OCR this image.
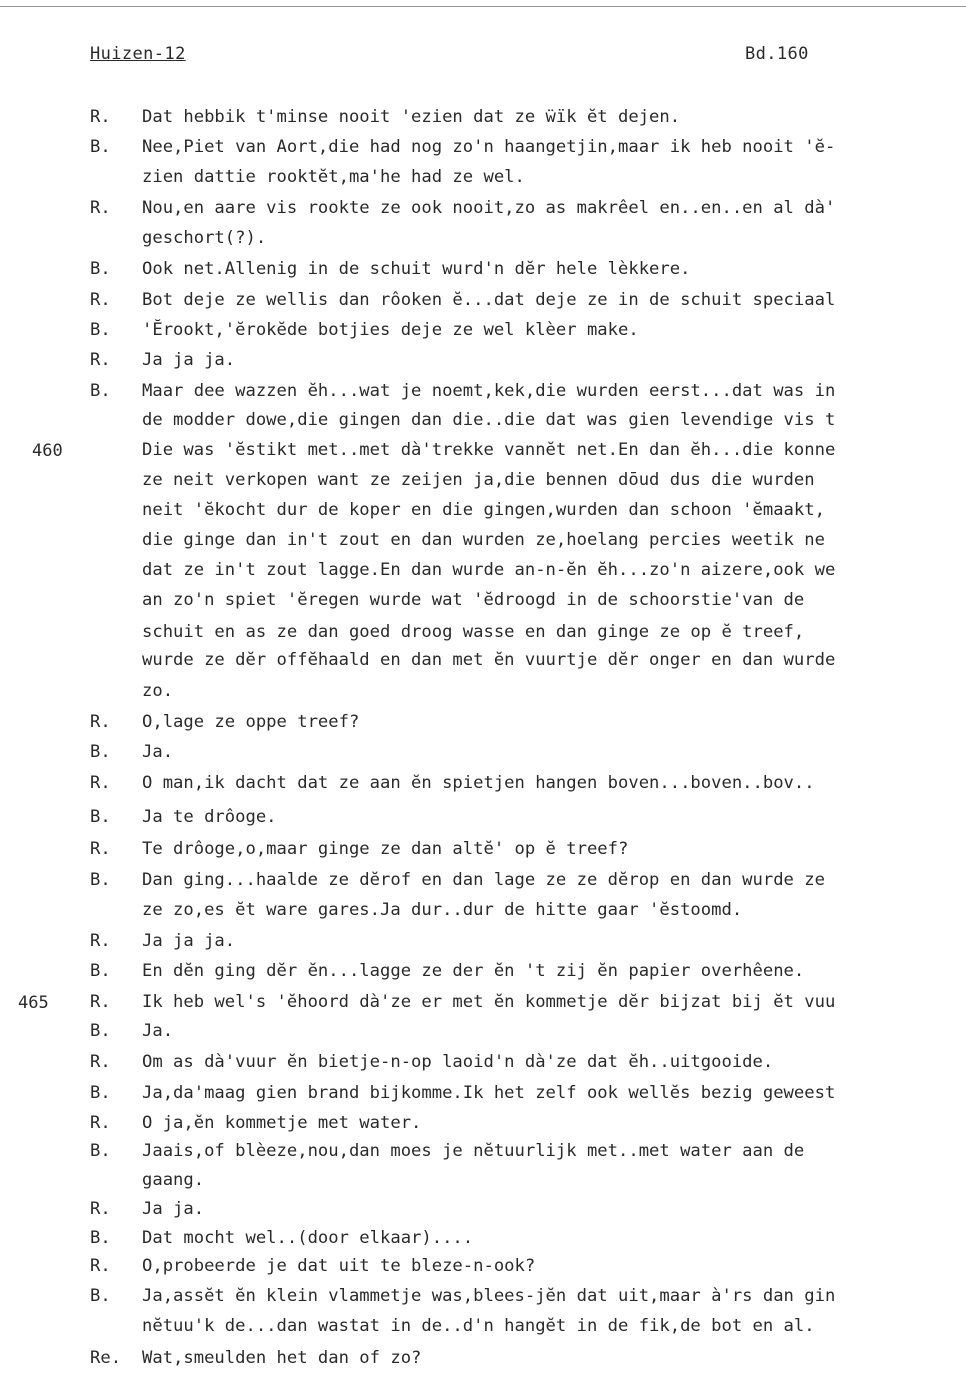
Huizen-12	Bd.160
R. Dat hebbik t'minse nooit 'ezien dat ze ẅïk ĕt dejen.
B. Nee,Piet van Aort,die had nog zo'n haangetjin,maar ik heb nooit 'ĕ-
zien dattie rooktĕt,ma'he had ze wel.
R. Nou,en aare vis rookte ze ook nooit,zo as makrêel en..en..en al dà'
geschort(?).
B. Ook net.Allenig in de schuit wurd'n dĕr hele lèkkere.
R. Bot deje ze wellis dan rôoken ĕ...dat deje ze in de schuit speciaal
B. 'Ĕrookt,'ĕrokĕde botjies deje ze wel klèer make.
R. Ja ja ja.
B. Maar dee wazzen ĕh...wat je noemt,kek,die wurden eerst...dat was in
de modder dowe,die gingen dan die..die dat was gien levendige vis t
Die was 'ĕstikt met..met dà'trekke vannĕt net.En dan ĕh...die konne
ze neit verkopen want ze zeijen ja,die bennen dōud dus die wurden
neit 'ĕkocht dur de koper en die gingen,wurden dan schoon 'ĕmaakt,
die ginge dan in't zout en dan wurden ze,hoelang percies weetik ne
dat ze in't zout lagge.En dan wurde an-n-ĕn ĕh...zo'n aizere,ook we
an zo'n spiet 'ĕregen wurde wat 'ĕdroogd in de schoorstie'van de
schuit en as ze dan goed droog wasse en dan ginge ze op ĕ treef,
wurde ze dĕr offĕhaald en dan met ĕn vuurtje dĕr onger en dan wurde
zo.
R. O,lage ze oppe treef?
B. Ja.
R. O man,ik dacht dat ze aan ĕn spietjen hangen boven...boven..bov..
B. Ja te drôoge.
R. Te drôoge,o,maar ginge ze dan altĕ' op ĕ treef?
B. Dan ging...haalde ze dĕrof en dan lage ze ze dĕrop en dan wurde ze
ze zo,es ĕt ware gares.Ja dur..dur de hitte gaar 'ĕstoomd.
R. Ja ja ja.
B. En dĕn ging dĕr ĕn...lagge ze der ĕn 't zij ĕn papier overhêene.
R. Ik heb wel's 'ĕhoord dà'ze er met ĕn kommetje dĕr bijzat bij ĕt vuu
B. Ja.
R. Om as dà'vuur ĕn bietje-n-op laoid'n dà'ze dat ĕh..uitgooide.
B. Ja,da'maag gien brand bijkomme.Ik het zelf ook wellĕs bezig geweest
R. O ja,ĕn kommetje met water.
B. Jaais,of blèeze,nou,dan moes je nĕtuurlijk met..met water aan de
gaang.
R. Ja ja.
B. Dat mocht wel..(door elkaar)....
R. O,probeerde je dat uit te bleze-n-ook?
B. Ja,assĕt ĕn klein vlammetje was,blees-jĕn dat uit,maar à'rs dan gin
nĕtuu'k de...dan wastat in de..d'n hangĕt in de fik,de bot en al.
Re. Wat,smeulden het dan of zo?
460
465
